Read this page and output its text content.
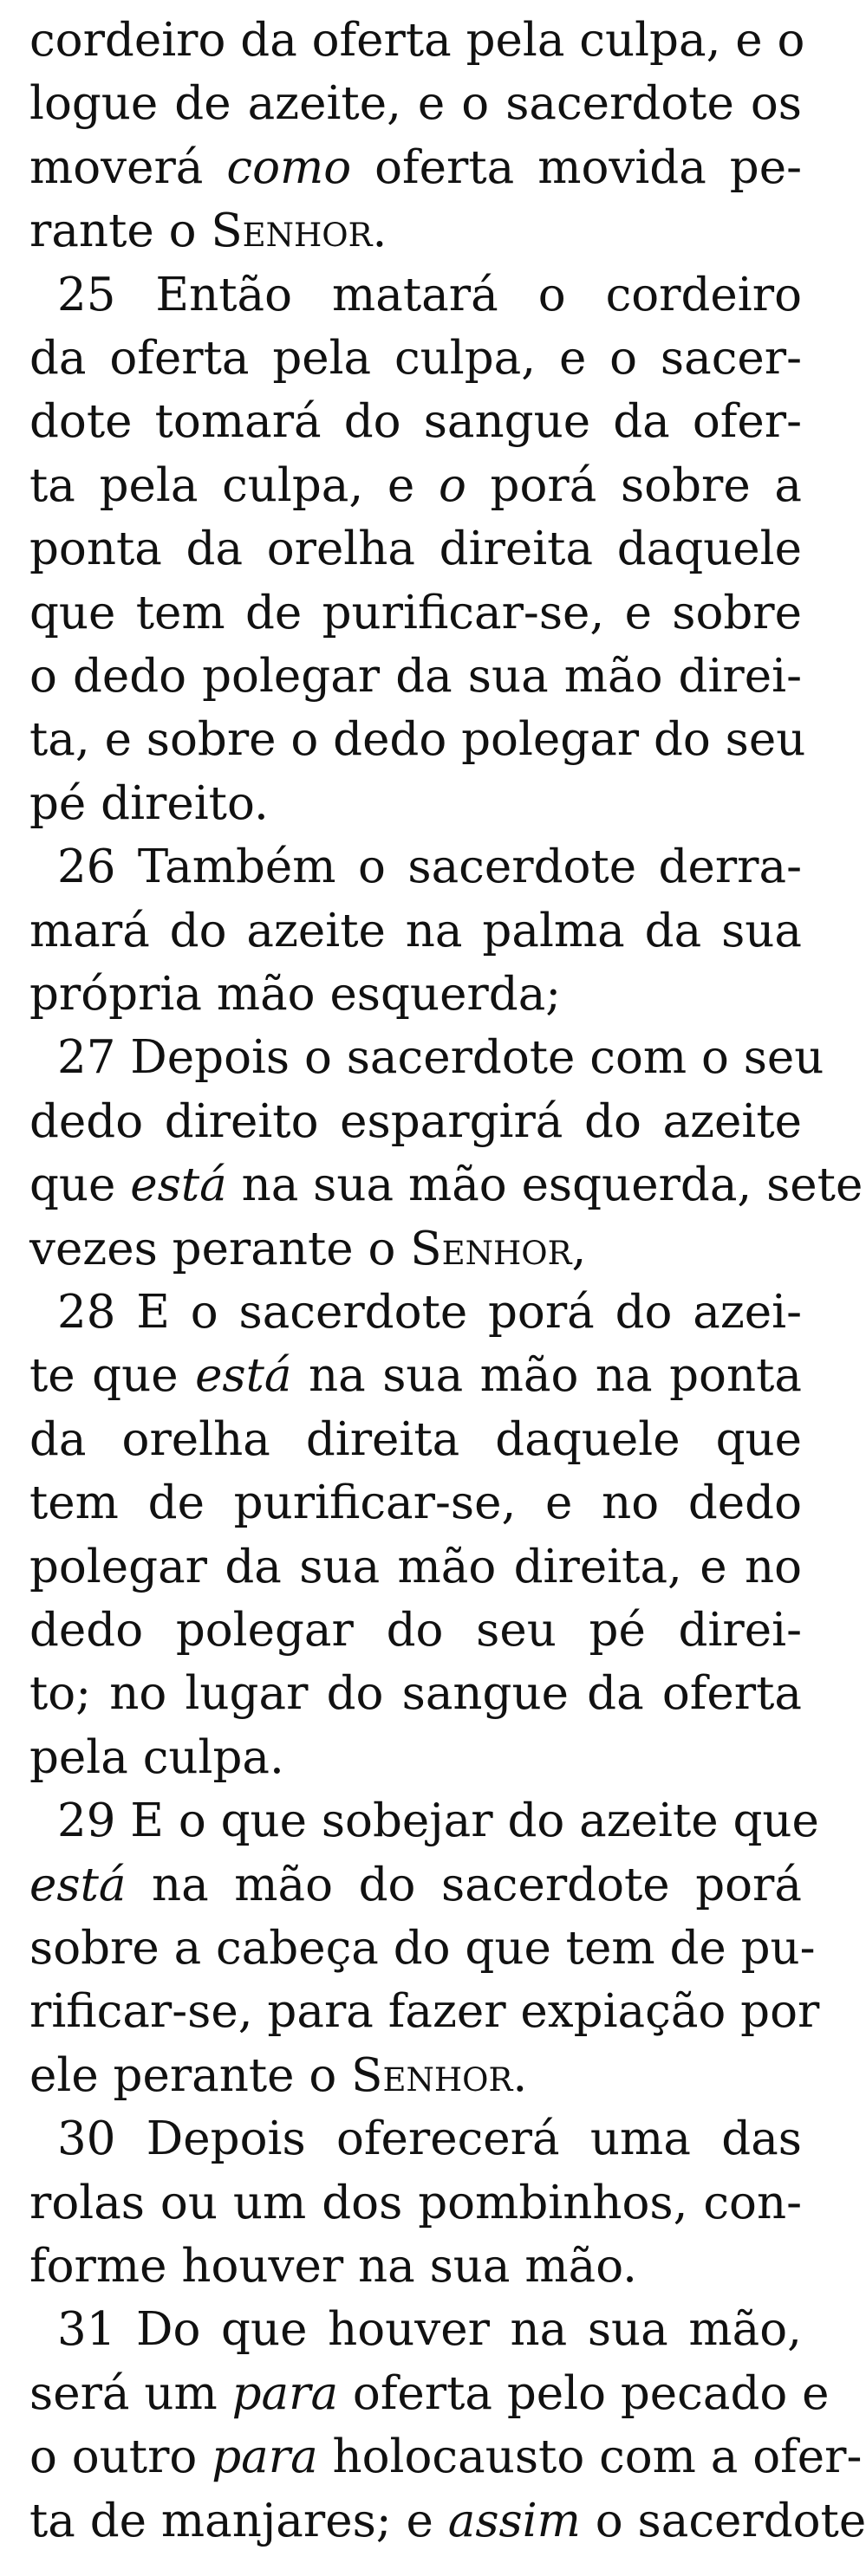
cordeiro da oferta pela culpa, e o
logue de azeite, e o sacerdote os
moverá como oferta movida pe-
rante o Senhor.
25 Então matará o cordeiro
da oferta pela culpa, e o sacer-
dote tomará do sangue da ofer-
ta pela culpa, e o porá sobre a
ponta da orelha direita daquele
que tem de purificar-se, e sobre
o dedo polegar da sua mão direi-
ta, e sobre o dedo polegar do seu
pé direito.
26 Também o sacerdote derra-
mará do azeite na palma da sua
própria mão esquerda;
27 Depois o sacerdote com o seu
dedo direito espargirá do azeite
que está na sua mão esquerda, sete
vezes perante o Senhor,
28 E o sacerdote porá do azei-
te que está na sua mão na ponta
da orelha direita daquele que
tem de purificar-se, e no dedo
polegar da sua mão direita, e no
dedo polegar do seu pé direi-
to; no lugar do sangue da oferta
pela culpa.
29 E o que sobejar do azeite que
está na mão do sacerdote porá
sobre a cabeça do que tem de pu-
rificar-se, para fazer expiação por
ele perante o Senhor.
30 Depois oferecerá uma das
rolas ou um dos pombinhos, con-
forme houver na sua mão.
31 Do que houver na sua mão,
será um para oferta pelo pecado e
o outro para holocausto com a ofer-
ta de manjares; e assim o sacerdote
